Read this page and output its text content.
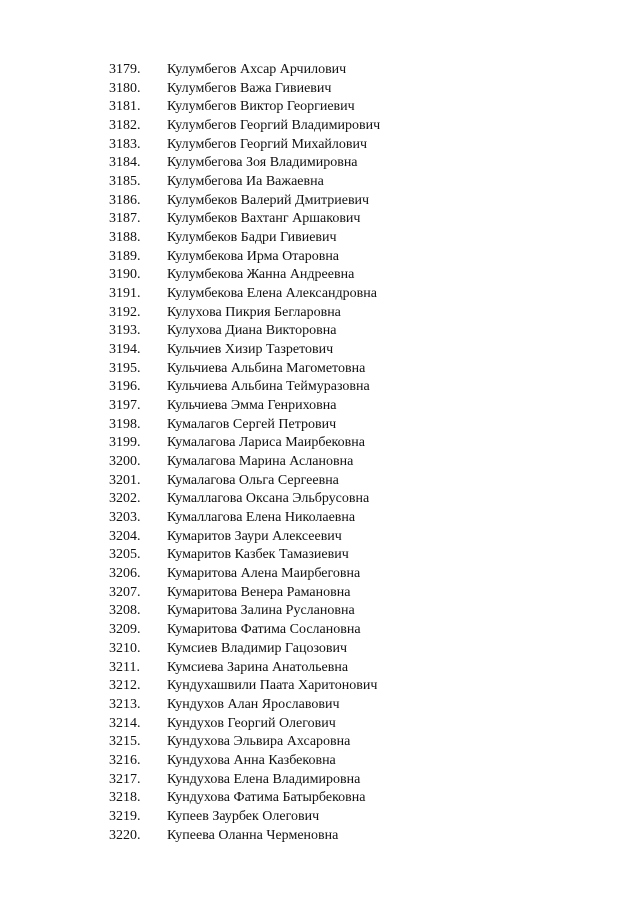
3179. Кулумбегов Ахсар Арчилович
3180. Кулумбегов Важа Гивиевич
3181. Кулумбегов Виктор Георгиевич
3182. Кулумбегов Георгий Владимирович
3183. Кулумбегов Георгий Михайлович
3184. Кулумбегова Зоя Владимировна
3185. Кулумбегова Иа Важаевна
3186. Кулумбеков Валерий Дмитриевич
3187. Кулумбеков Вахтанг Аршакович
3188. Кулумбеков Бадри Гивиевич
3189. Кулумбекова Ирма Отаровна
3190. Кулумбекова Жанна Андреевна
3191. Кулумбекова Елена Александровна
3192. Кулухова Пикрия Бегларовна
3193. Кулухова Диана Викторовна
3194. Кульчиев Хизир Тазретович
3195. Кульчиева Альбина Магометовна
3196. Кульчиева Альбина Теймуразовна
3197. Кульчиева Эмма Генриховна
3198. Кумалагов Сергей Петрович
3199. Кумалагова Лариса Маирбековна
3200. Кумалагова Марина Аслановна
3201. Кумалагова Ольга Сергеевна
3202. Кумаллагова Оксана Эльбрусовна
3203. Кумаллагова Елена Николаевна
3204. Кумаритов Заури Алексеевич
3205. Кумаритов Казбек Тамазиевич
3206. Кумаритова Алена Маирбеговна
3207. Кумаритова Венера Рамановна
3208. Кумаритова Залина Руслановна
3209. Кумаритова Фатима Сослановна
3210. Кумсиев Владимир Гацозович
3211. Кумсиева Зарина Анатольевна
3212. Кундухашвили Паата Харитонович
3213. Кундухов Алан Ярославович
3214. Кундухов Георгий Олегович
3215. Кундухова Эльвира Ахсаровна
3216. Кундухова Анна Казбековна
3217. Кундухова Елена Владимировна
3218. Кундухова Фатима Батырбековна
3219. Купеев Заурбек Олегович
3220. Купеева Оланна Черменовна
